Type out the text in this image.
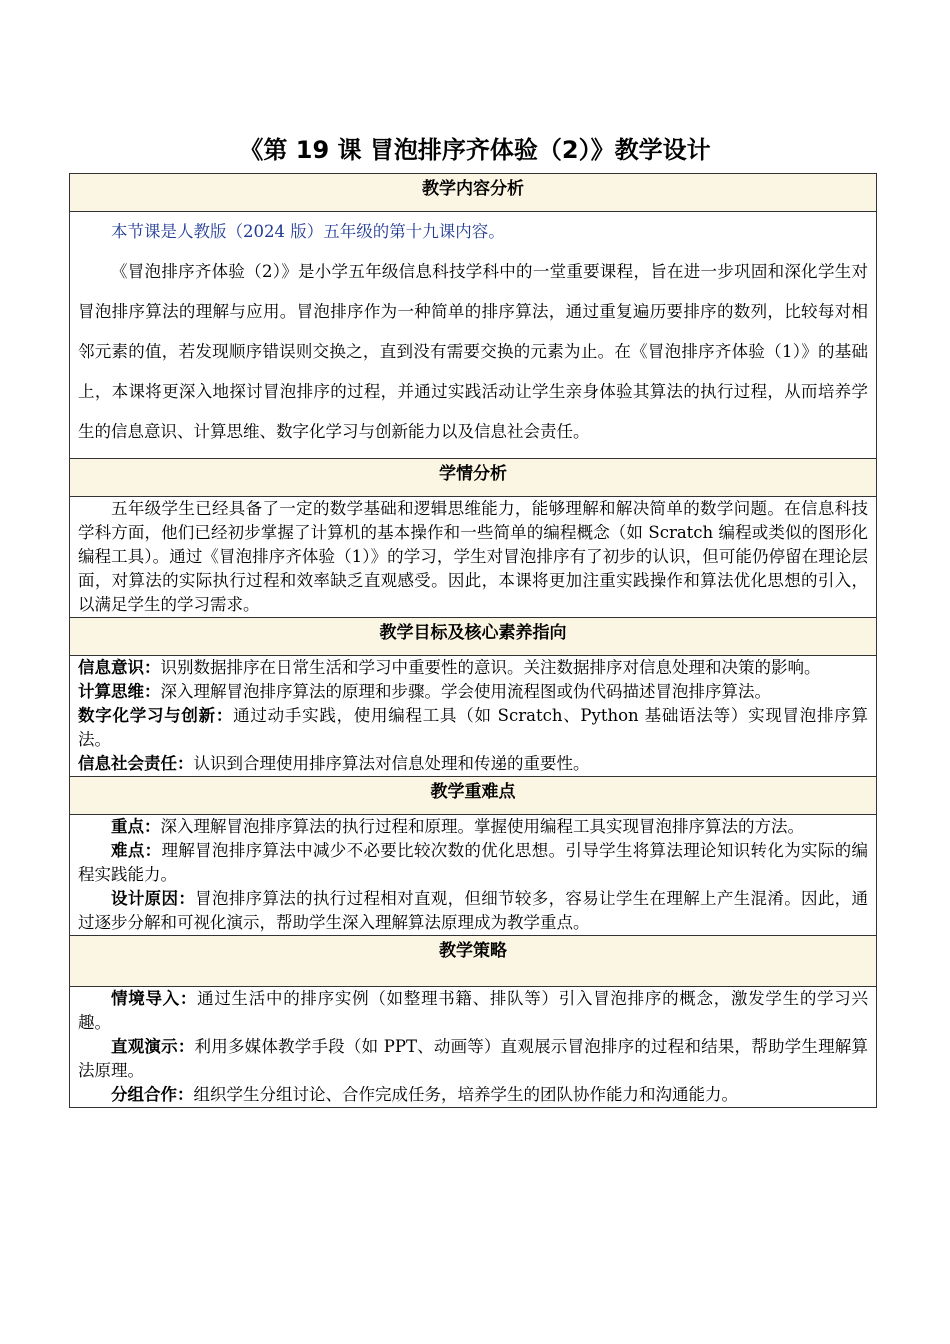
《第 19 课 冒泡排序齐体验（2）》教学设计
教学内容分析

本节课是人教版（2024 版）五年级的第十九课内容。

《冒泡排序齐体验（2）》是小学五年级信息科技学科中的一堂重要课程，旨在进一步巩固和深化学生对冒泡排序算法的理解与应用。冒泡排序作为一种简单的排序算法，通过重复遍历要排序的数列，比较每对相邻元素的值，若发现顺序错误则交换之，直到没有需要交换的元素为止。在《冒泡排序齐体验（1）》的基础上，本课将更深入地探讨冒泡排序的过程，并通过实践活动让学生亲身体验其算法的执行过程，从而培养学生的信息意识、计算思维、数字化学习与创新能力以及信息社会责任。

学情分析

五年级学生已经具备了一定的数学基础和逻辑思维能力，能够理解和解决简单的数学问题。在信息科技学科方面，他们已经初步掌握了计算机的基本操作和一些简单的编程概念（如 Scratch 编程或类似的图形化编程工具）。通过《冒泡排序齐体验（1）》的学习，学生对冒泡排序有了初步的认识，但可能仍停留在理论层面，对算法的实际执行过程和效率缺乏直观感受。因此，本课将更加注重实践操作和算法优化思想的引入，以满足学生的学习需求。

教学目标及核心素养指向

信息意识：识别数据排序在日常生活和学习中重要性的意识。关注数据排序对信息处理和决策的影响。

计算思维：深入理解冒泡排序算法的原理和步骤。学会使用流程图或伪代码描述冒泡排序算法。

数字化学习与创新：通过动手实践，使用编程工具（如 Scratch、Python 基础语法等）实现冒泡排序算法。

信息社会责任：认识到合理使用排序算法对信息处理和传递的重要性。

教学重难点

重点：深入理解冒泡排序算法的执行过程和原理。掌握使用编程工具实现冒泡排序算法的方法。

难点：理解冒泡排序算法中减少不必要比较次数的优化思想。引导学生将算法理论知识转化为实际的编程实践能力。

设计原因：冒泡排序算法的执行过程相对直观，但细节较多，容易让学生在理解上产生混淆。因此，通过逐步分解和可视化演示，帮助学生深入理解算法原理成为教学重点。

教学策略

情境导入：通过生活中的排序实例（如整理书籍、排队等）引入冒泡排序的概念，激发学生的学习兴趣。

直观演示：利用多媒体教学手段（如 PPT、动画等）直观展示冒泡排序的过程和结果，帮助学生理解算法原理。

分组合作：组织学生分组讨论、合作完成任务，培养学生的团队协作能力和沟通能力。
